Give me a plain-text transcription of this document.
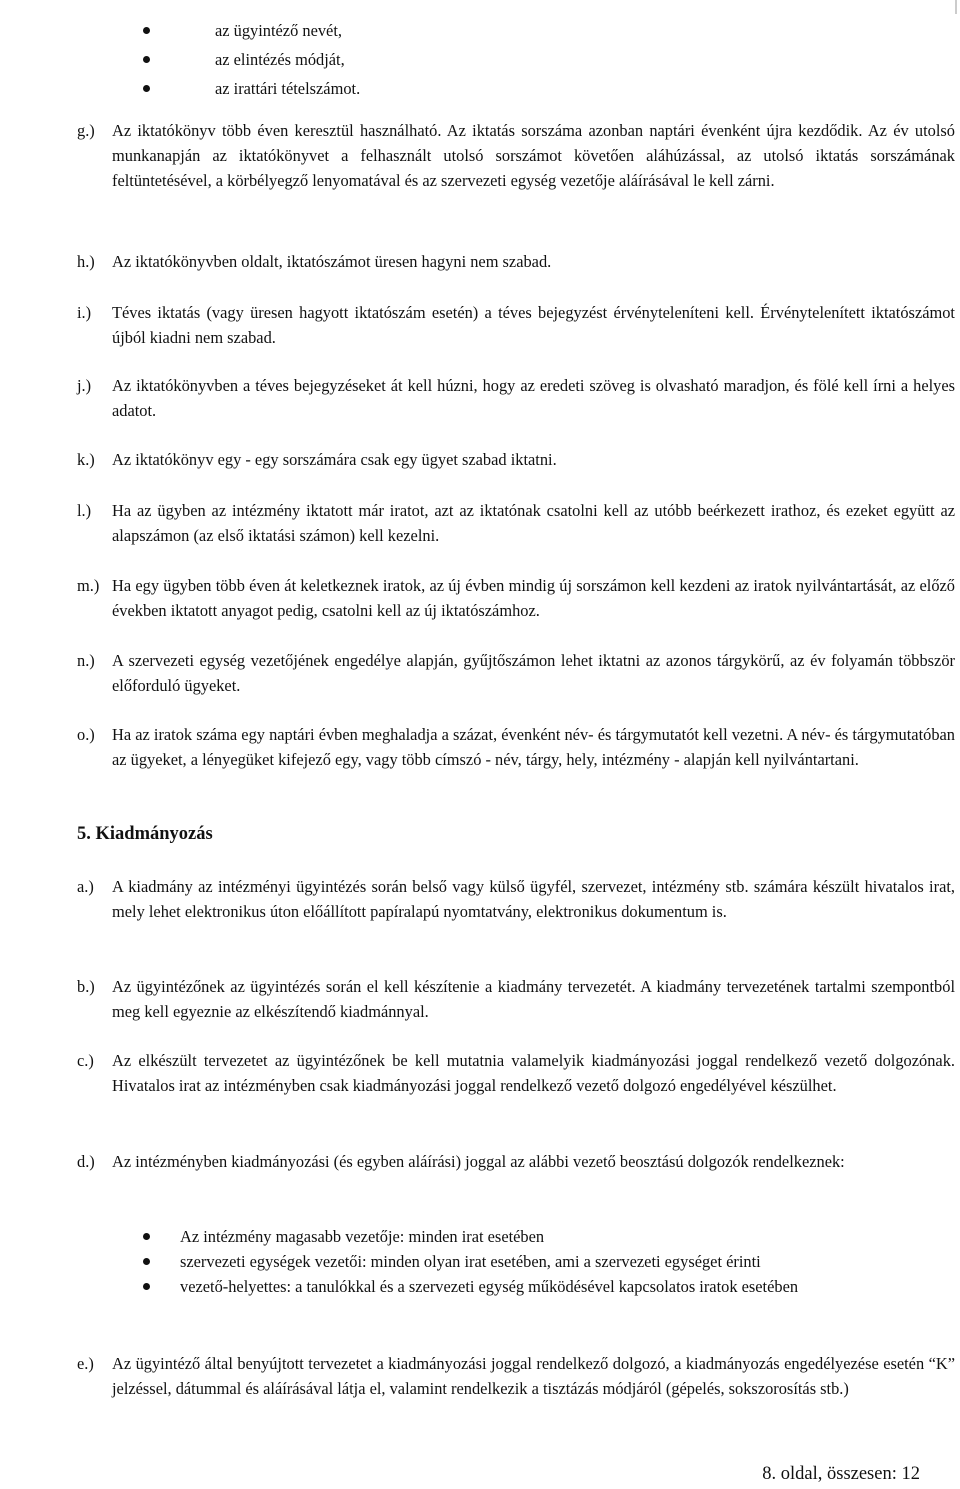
az ügyintéző nevét,
az elintézés módját,
az irattári tételszámot.
g.) Az iktatókönyv több éven keresztül használható. Az iktatás sorszáma azonban naptári évenként újra kezdődik. Az év utolsó munkanapján az iktatókönyvet a felhasznált utolsó sorszámot követően aláhúzással, az utolsó iktatás sorszámának feltüntetésével, a körbélyegző lenyomatával és az szervezeti egység vezetője aláírásával le kell zárni.
h.) Az iktatókönyvben oldalt, iktatószámot üresen hagyni nem szabad.
i.) Téves iktatás (vagy üresen hagyott iktatószám esetén) a téves bejegyzést érvényteleníteni kell. Érvénytelenített iktatószámot újból kiadni nem szabad.
j.) Az iktatókönyvben a téves bejegyzéseket át kell húzni, hogy az eredeti szöveg is olvasható maradjon, és fölé kell írni a helyes adatot.
k.) Az iktatókönyv egy - egy sorszámára csak egy ügyet szabad iktatni.
l.) Ha az ügyben az intézmény iktatott már iratot, azt az iktatónak csatolni kell az utóbb beérkezett irathoz, és ezeket együtt az alapszámon (az első iktatási számon) kell kezelni.
m.) Ha egy ügyben több éven át keletkeznek iratok, az új évben mindig új sorszámon kell kezdeni az iratok nyilvántartását, az előző években iktatott anyagot pedig, csatolni kell az új iktatószámhoz.
n.) A szervezeti egység vezetőjének engedélye alapján, gyűjtőszámon lehet iktatni az azonos tárgykörű, az év folyamán többször előforduló ügyeket.
o.) Ha az iratok száma egy naptári évben meghaladja a százat, évenként név- és tárgymutatót kell vezetni. A név- és tárgymutatóban az ügyeket, a lényegüket kifejező egy, vagy több címszó - név, tárgy, hely, intézmény - alapján kell nyilvántartani.
5. Kiadmányozás
a.) A kiadmány az intézményi ügyintézés során belső vagy külső ügyfél, szervezet, intézmény stb. számára készült hivatalos irat, mely lehet elektronikus úton előállított papíralapú nyomtatvány, elektronikus dokumentum is.
b.) Az ügyintézőnek az ügyintézés során el kell készítenie a kiadmány tervezetét. A kiadmány tervezetének tartalmi szempontból meg kell egyeznie az elkészítendő kiadmánnyal.
c.) Az elkészült tervezetet az ügyintézőnek be kell mutatnia valamelyik kiadmányozási joggal rendelkező vezető dolgozónak. Hivatalos irat az intézményben csak kiadmányozási joggal rendelkező vezető dolgozó engedélyével készülhet.
d.) Az intézményben kiadmányozási (és egyben aláírási) joggal az alábbi vezető beosztású dolgozók rendelkeznek:
Az intézmény magasabb vezetője: minden irat esetében
szervezeti egységek vezetői: minden olyan irat esetében, ami a szervezeti egységet érinti
vezető-helyettes: a tanulókkal és a szervezeti egység működésével kapcsolatos iratok esetében
e.) Az ügyintéző által benyújtott tervezetet a kiadmányozási joggal rendelkező dolgozó, a kiadmányozás engedélyezése esetén “K” jelzéssel, dátummal és aláírásával látja el, valamint rendelkezik a tisztázás módjáról (gépelés, sokszorosítás stb.)
8. oldal, összesen: 12
